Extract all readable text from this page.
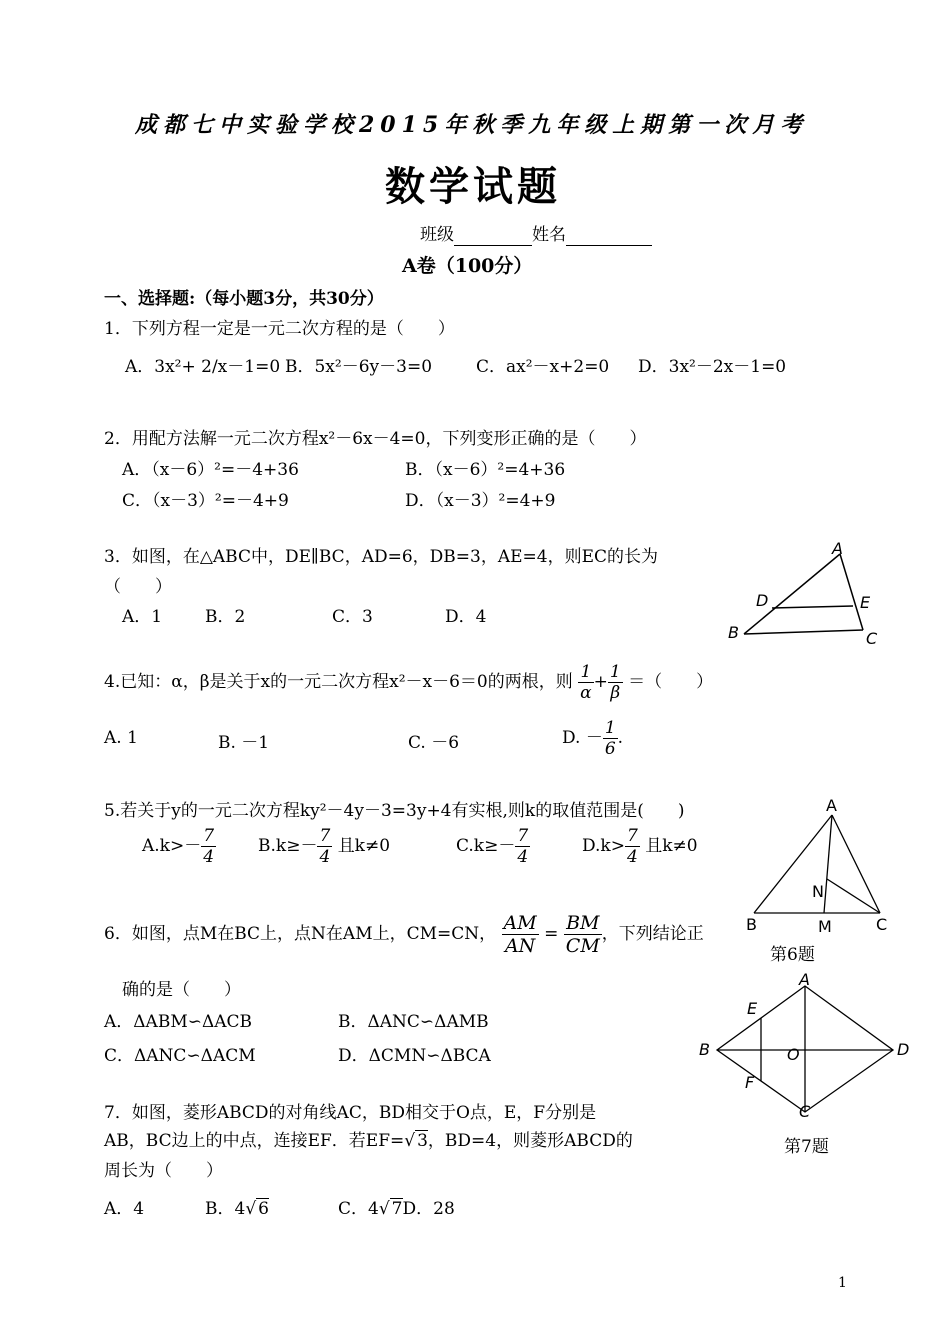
成都七中实验学校2015年秋季九年级上期第一次月考
数学试题
班级	姓名
A卷（100分）
一、选择题:（每小题3分，共30分）
1．下列方程一定是一元二次方程的是（　　）
A．3x²+ 2/x－1=0 B．5x²－6y－3=0	C．ax²－x+2=0 D．3x²－2x－1=0
2．用配方法解一元二次方程x²－6x－4=0，下列变形正确的是（　　）
A．（x－6）²=－4+36	B．（x－6）²=4+36
C．（x－3）²=－4+9	D．（x－3）²=4+9
3．如图，在△ABC中，DE∥BC，AD=6，DB=3，AE=4，则EC的长为
（　　）
A．1	B．2	C．3	D．4
A
D	E
B	C
4.已知：α，β是关于x的一元二次方程x²－x－6＝0的两根，则 $\frac{1}{\alpha} + \frac{1}{\beta}$ ＝（　　）
A. 1	B. －1	C. －6	D. － $\frac{1}{6}$ .
5.若关于y的一元二次方程ky²－4y－3=3y+4有实根,则k的取值范围是(　　)
$A.k>- \frac{7}{4} B.k\ge- \frac{7}{4}$ 且k≠0	$C.k\ge- \frac{7}{4}$	$D.k> \frac{7}{4}$ 且k≠0
A
N
B	M	C
第6题
6．如图，点M在BC上，点N在AM上，CM=CN， $\frac{AM}{AN} = \frac{BM}{CM}$ ，下列结论正
确的是（　　）
A．ΔABM∽ΔACB	B．ΔANC∽ΔAMB
C．ΔANC∽ΔACM	D．ΔCMN∽ΔBCA
A
E
B	O	D
F
C
第7题
7．如图，菱形ABCD的对角线AC，BD相交于O点，E，F分别是
AB，BC边上的中点，连接EF．若EF=√ 3，BD=4，则菱形ABCD的
周长为（　　）
A．4	B．4√ 6	C．4√ 7D．28
1
